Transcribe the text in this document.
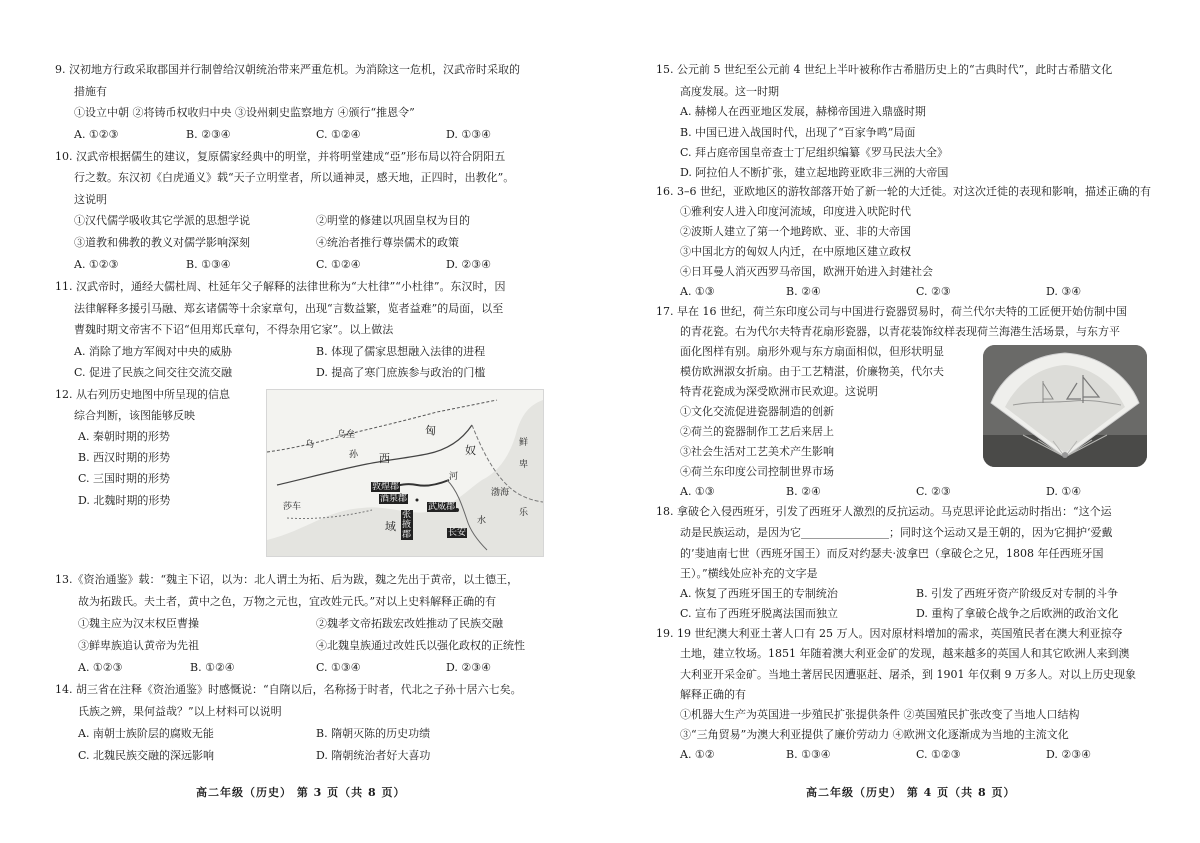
9. 汉初地方行政采取郡国并行制曾给汉朝统治带来严重危机。为消除这一危机，汉武帝时采取的
措施有
①设立中朝 ②将铸币权收归中央 ③设州刺史监察地方 ④颁行“推恩令”
A. ①②③	B. ②③④	C. ①②④	D. ①③④
10. 汉武帝根据儒生的建议，复原儒家经典中的明堂，并将明堂建成“亞”形布局以符合阴阳五
行之数。东汉初《白虎通义》载“天子立明堂者，所以通神灵，感天地，正四时，出教化”。
这说明
①汉代儒学吸收其它学派的思想学说	②明堂的修建以巩固皇权为目的
③道教和佛教的教义对儒学影响深刻	④统治者推行尊崇儒术的政策
A. ①②③	B. ①③④	C. ①②④	D. ②③④
11. 汉武帝时，通经大儒杜周、杜延年父子解释的法律世称为“大杜律”“小杜律”。东汉时，因
法律解释多援引马融、郑玄诸儒等十余家章句，出现“言数益繁，览者益难”的局面，以至
曹魏时期文帝害不下诏“但用郑氏章句，不得杂用它家”。以上做法
A. 消除了地方军阀对中央的威胁	B. 体现了儒家思想融入法律的进程
C. 促进了民族之间交往交流交融	D. 提高了寒门庶族参与政治的门槛
12. 从右列历史地图中所呈现的信息
综合判断，该图能够反映
A. 秦朝时期的形势
B. 西汉时期的形势
C. 三国时期的形势
D. 北魏时期的形势
乌
乌垒
孙 西
匈
奴
鲜
卑
莎车
敦煌郡
酒泉郡
武威郡
张掖郡
域
河
渤海
乐
长安
水
13.《资治通鉴》载：“魏主下诏，以为：北人谓土为拓、后为跋，魏之先出于黄帝，以土德王，
故为拓跋氏。夫土者，黄中之色，万物之元也，宜改姓元氏。”对以上史料解释正确的有
①魏主应为汉末权臣曹操	②魏孝文帝拓跋宏改姓推动了民族交融
③鲜卑族追认黄帝为先祖	④北魏皇族通过改姓氏以强化政权的正统性
A. ①②③	B. ①②④	C. ①③④	D. ②③④
14. 胡三省在注释《资治通鉴》时感慨说：“自隋以后，名称扬于时者，代北之子孙十居六七矣。
氏族之辨，果何益哉？”以上材料可以说明
A. 南朝士族阶层的腐败无能	B. 隋朝灭陈的历史功绩
C. 北魏民族交融的深远影响	D. 隋朝统治者好大喜功
高二年级（历史） 第 3 页（共 8 页）
15. 公元前 5 世纪至公元前 4 世纪上半叶被称作古希腊历史上的“古典时代”，此时古希腊文化
高度发展。这一时期
A. 赫梯人在西亚地区发展，赫梯帝国进入鼎盛时期
B. 中国已进入战国时代，出现了“百家争鸣”局面
C. 拜占庭帝国皇帝查士丁尼组织编纂《罗马民法大全》
D. 阿拉伯人不断扩张，建立起地跨亚欧非三洲的大帝国
16. 3–6 世纪，亚欧地区的游牧部落开始了新一轮的大迁徙。对这次迁徙的表现和影响，描述正确的有
①雅利安人进入印度河流域，印度进入吠陀时代
②波斯人建立了第一个地跨欧、亚、非的大帝国
③中国北方的匈奴人内迁，在中原地区建立政权
④日耳曼人消灭西罗马帝国，欧洲开始进入封建社会
A. ①③	B. ②④	C. ②③	D. ③④
17. 早在 16 世纪，荷兰东印度公司与中国进行瓷器贸易时，荷兰代尔夫特的工匠便开始仿制中国
的青花瓷。右为代尔夫特青花扇形瓷器，以青花装饰纹样表现荷兰海港生活场景，与东方平
面化图样有别。扇形外观与东方扇面相似，但形状明显
模仿欧洲淑女折扇。由于工艺精湛，价廉物美，代尔夫
特青花瓷成为深受欧洲市民欢迎。这说明
①文化交流促进瓷器制造的创新
②荷兰的瓷器制作工艺后来居上
③社会生活对工艺美术产生影响
④荷兰东印度公司控制世界市场
A. ①③	B. ②④	C. ②③	D. ①④
18. 拿破仑入侵西班牙，引发了西班牙人激烈的反抗运动。马克思评论此运动时指出：“这个运
动是民族运动，是因为它________________；同时这个运动又是王朝的，因为它拥护‘爱戴
的’斐迪南七世（西班牙国王）而反对约瑟夫·波拿巴（拿破仑之兄，1808 年任西班牙国
王）。”横线处应补充的文字是
A. 恢复了西班牙国王的专制统治	B. 引发了西班牙资产阶级反对专制的斗争
C. 宣布了西班牙脱离法国而独立	D. 重构了拿破仑战争之后欧洲的政治文化
19. 19 世纪澳大利亚土著人口有 25 万人。因对原材料增加的需求，英国殖民者在澳大利亚掠夺
土地，建立牧场。1851 年随着澳大利亚金矿的发现，越来越多的英国人和其它欧洲人来到澳
大利亚开采金矿。当地土著居民因遭驱赶、屠杀，到 1901 年仅剩 9 万多人。对以上历史现象
解释正确的有
①机器大生产为英国进一步殖民扩张提供条件 ②英国殖民扩张改变了当地人口结构
③“三角贸易”为澳大利亚提供了廉价劳动力 ④欧洲文化逐渐成为当地的主流文化
A. ①②	B. ①③④	C. ①②③	D. ②③④
高二年级（历史） 第 4 页（共 8 页）
